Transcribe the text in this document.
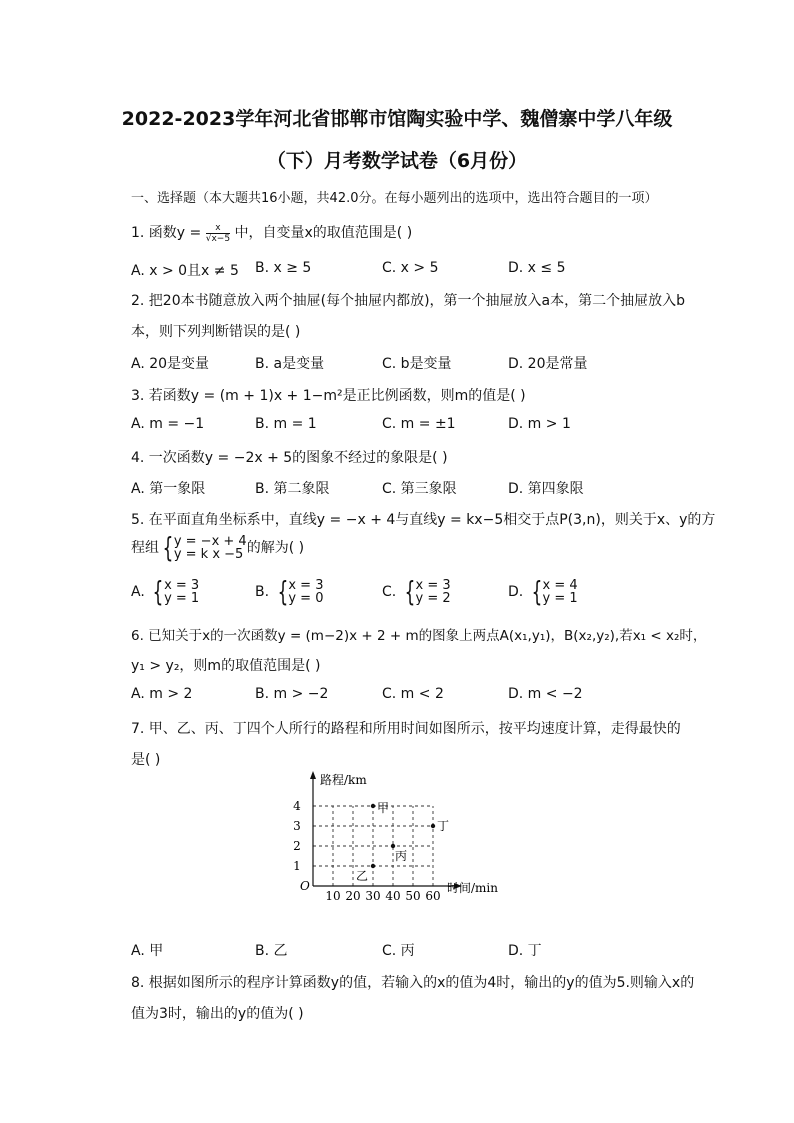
2022-2023学年河北省邯郸市馆陶实验中学、魏僧寨中学八年级
（下）月考数学试卷（6月份）
一、选择题（本大题共16小题，共42.0分。在每小题列出的选项中，选出符合题目的一项）
1. 函数$y = \frac{x}{√x-5}$ 中，自变量x的取值范围是( )
A. x > 0且x ≠ 5 B. x ≥ 5	C. x > 5	D. x ≤ 5
2. 把20本书随意放入两个抽屉(每个抽屉内都放)，第一个抽屉放入a本，第二个抽屉放入b
本，则下列判断错误的是( )
A. 20是变量	B. a是变量	C. b是变量	D. 20是常量
3. 若函数y = (m + 1)x + 1−m²是正比例函数，则m的值是( )
A. m = −1	B. m = 1	C. m = ±1	D. m > 1
4. 一次函数y = −2x + 5的图象不经过的象限是( )
A. 第一象限	B. 第二象限	C. 第三象限	D. 第四象限
5. 在平面直角坐标系中，直线y = −x + 4与直线y = kx−5相交于点P(3,n)，则关于x、y的方
程组 { y = −x + 4
y = k x −5 的解为( )
A. { x = 3
y = 1	B. { x = 3
y = 0	C. { x = 3
y = 2	D. { x = 4
y = 1
6. 已知关于x的一次函数y = (m−2)x + 2 + m的图象上两点A(x₁,y₁)，B(x₂,y₂),若x₁ < x₂时，
y₁ > y₂，则m的取值范围是( )
A. m > 2	B. m > −2	C. m < 2	D. m < −2
7. 甲、乙、丙、丁四个人所行的路程和所用时间如图所示，按平均速度计算，走得最快的
是( )
路程/km
时间/min
O
10 20 30 40 50 60
1
2
3
4	甲
乙
丙
丁
A. 甲	B. 乙	C. 丙	D. 丁
8. 根据如图所示的程序计算函数y的值，若输入的x的值为4时，输出的y的值为5.则输入x的
值为3时，输出的y的值为( )
